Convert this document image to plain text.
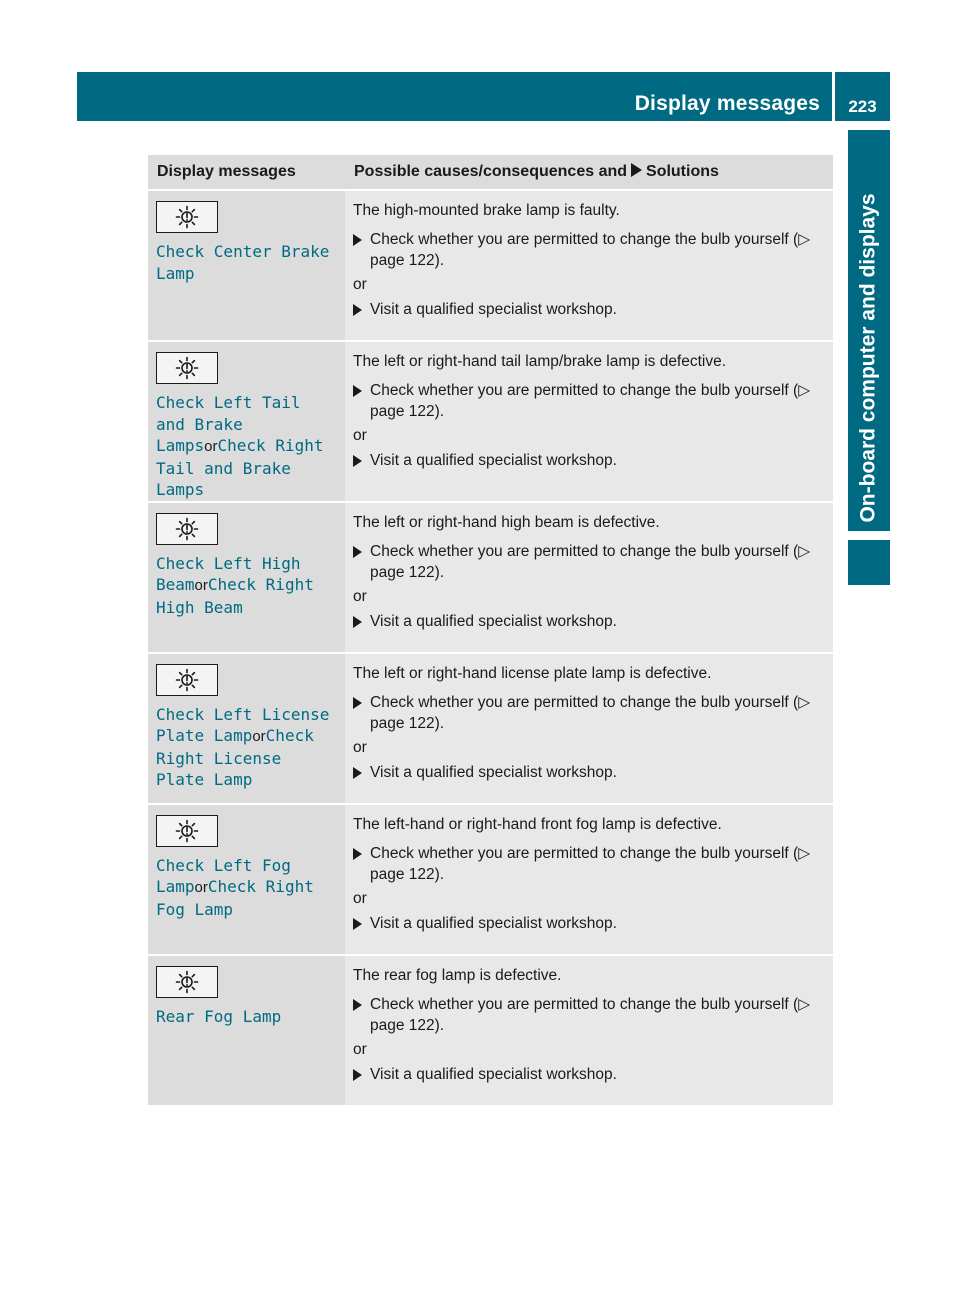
Display messages	223
On-board computer and displays
Display messages	Possible causes/consequences and Solutions

Check Center Brake Lamp	The high-mounted brake lamp is faulty.

Check whether you are permitted to change the bulb yourself (▷ page 122).

or

Visit a qualified specialist workshop.

Check Left Tail and Brake LampsorCheck Right Tail and Brake Lamps	The left or right-hand tail lamp/brake lamp is defective.

Check whether you are permitted to change the bulb yourself (▷ page 122).

or

Visit a qualified specialist workshop.

Check Left High BeamorCheck Right High Beam	The left or right-hand high beam is defective.

Check whether you are permitted to change the bulb yourself (▷ page 122).

or

Visit a qualified specialist workshop.

Check Left License Plate LamporCheck Right License Plate Lamp	The left or right-hand license plate lamp is defective.

Check whether you are permitted to change the bulb yourself (▷ page 122).

or

Visit a qualified specialist workshop.

Check Left Fog LamporCheck Right Fog Lamp	The left-hand or right-hand front fog lamp is defective.

Check whether you are permitted to change the bulb yourself (▷ page 122).

or

Visit a qualified specialist workshop.

Rear Fog Lamp	The rear fog lamp is defective.

Check whether you are permitted to change the bulb yourself (▷ page 122).

or

Visit a qualified specialist workshop.
